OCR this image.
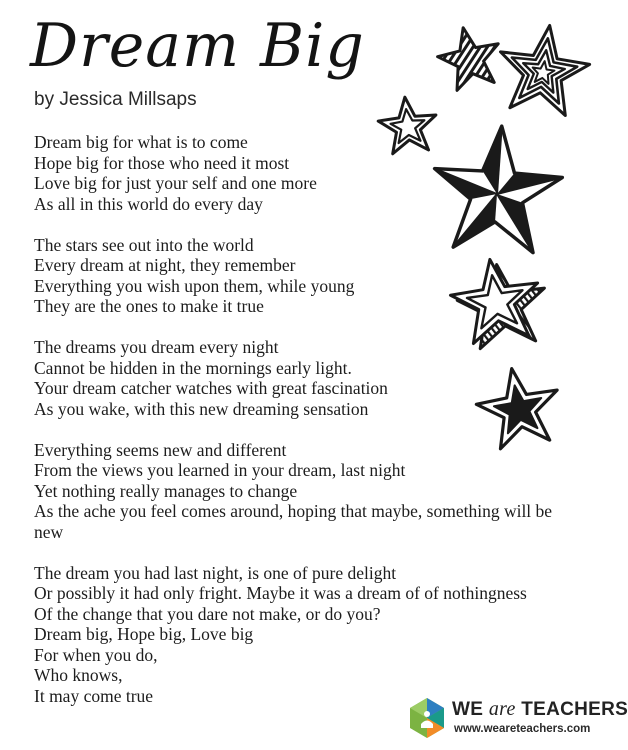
Dream Big

by Jessica Millsaps

Dream big for what is to come
Hope big for those who need it most
Love big for just your self and one more
As all in this world do every day
The stars see out into the world
Every dream at night, they remember
Everything you wish upon them, while young
They are the ones to make it true
The dreams you dream every night
Cannot be hidden in the mornings early light.
Your dream catcher watches with great fascination
As you wake, with this new dreaming sensation
Everything seems new and different
From the views you learned in your dream, last night
Yet nothing really manages to change
As the ache you feel comes around, hoping that maybe, something will be new
The dream you had last night, is one of pure delight
Or possibly it had only fright. Maybe it was a dream of of nothingness
Of the change that you dare not make, or do you?
Dream big, Hope big, Love big
For when you do,
Who knows,
It may come true
WE are TEACHERS
www.weareteachers.com
